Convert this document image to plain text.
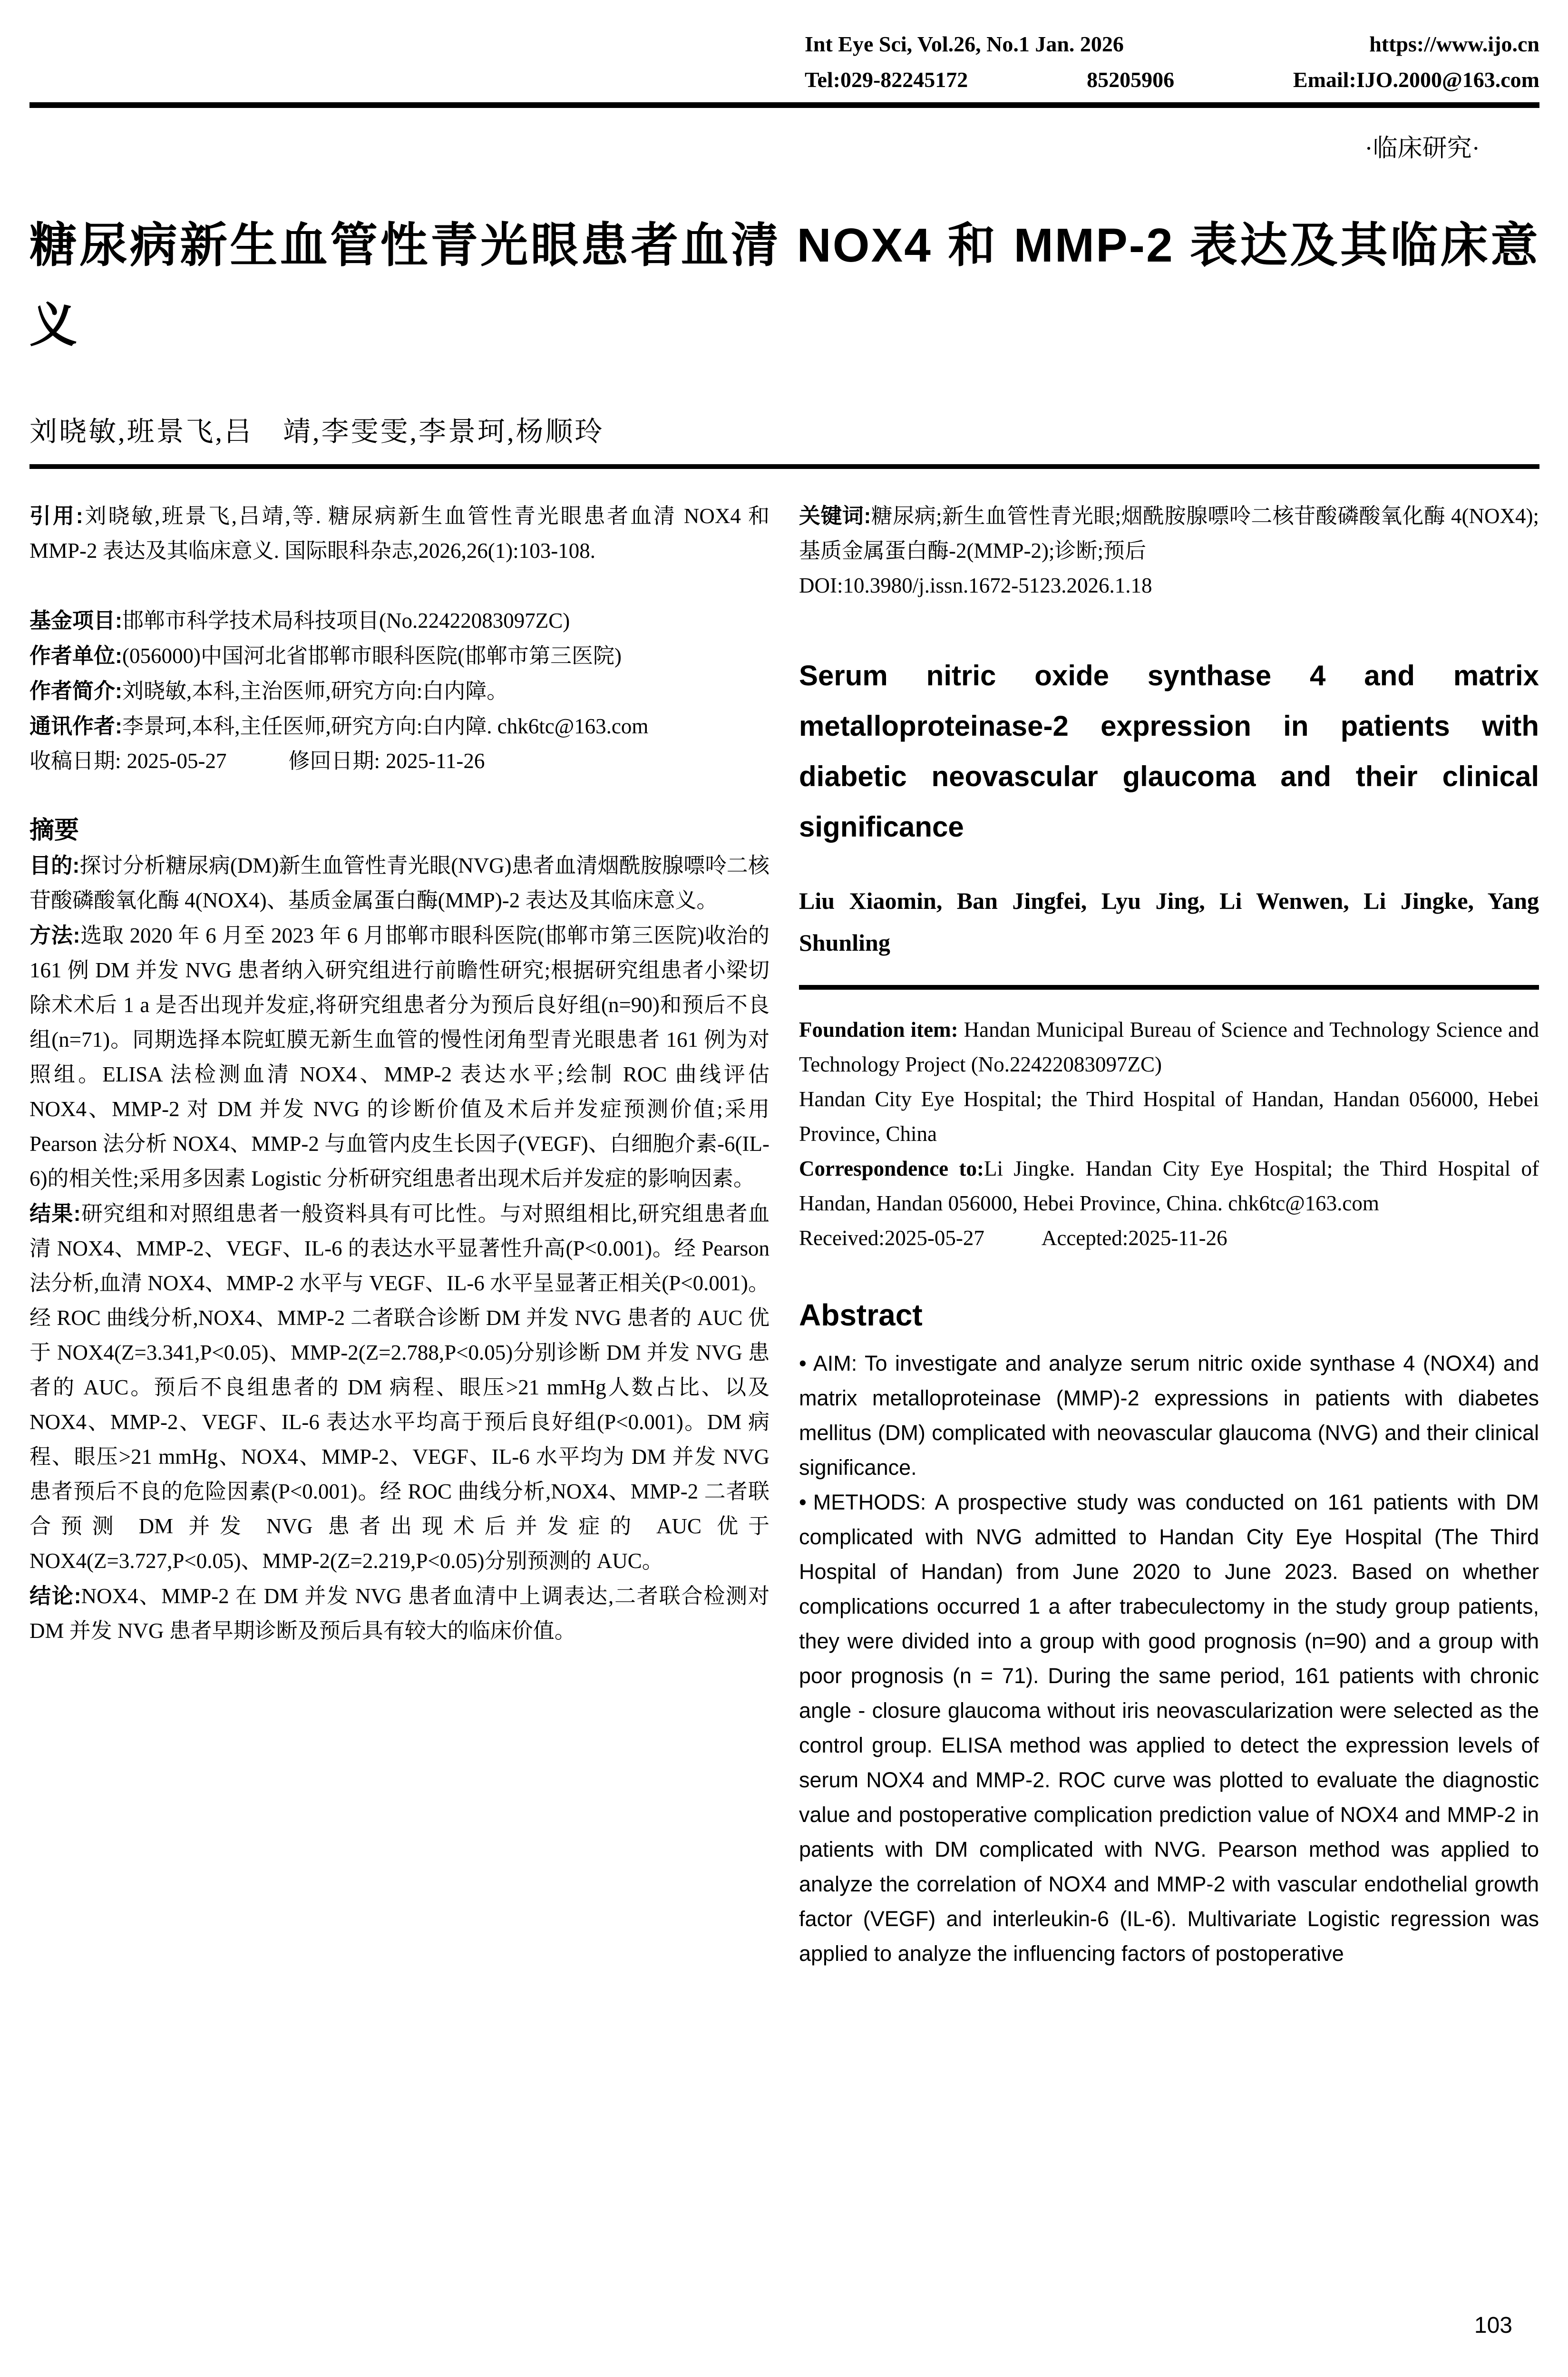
Int Eye Sci, Vol.26, No.1 Jan. 2026	https://www.ijo.cn
Tel:029-82245172	85205906	Email:IJO.2000@163.com
·临床研究·
糖尿病新生血管性青光眼患者血清 NOX4 和 MMP-2 表达及其临床意义
刘晓敏,班景飞,吕　靖,李雯雯,李景珂,杨顺玲

引用:刘晓敏,班景飞,吕靖,等. 糖尿病新生血管性青光眼患者血清 NOX4 和 MMP-2 表达及其临床意义. 国际眼科杂志,2026,26(1):103-108.

基金项目:邯郸市科学技术局科技项目(No.22422083097ZC)

作者单位:(056000)中国河北省邯郸市眼科医院(邯郸市第三医院)

作者简介:刘晓敏,本科,主治医师,研究方向:白内障。

通讯作者:李景珂,本科,主任医师,研究方向:白内障. chk6tc@163.com

收稿日期: 2025-05-27	修回日期: 2025-11-26

摘要

目的:探讨分析糖尿病(DM)新生血管性青光眼(NVG)患者血清烟酰胺腺嘌呤二核苷酸磷酸氧化酶 4(NOX4)、基质金属蛋白酶(MMP)-2 表达及其临床意义。

方法:选取 2020 年 6 月至 2023 年 6 月邯郸市眼科医院(邯郸市第三医院)收治的 161 例 DM 并发 NVG 患者纳入研究组进行前瞻性研究;根据研究组患者小梁切除术术后 1 a 是否出现并发症,将研究组患者分为预后良好组(n=90)和预后不良组(n=71)。同期选择本院虹膜无新生血管的慢性闭角型青光眼患者 161 例为对照组。ELISA 法检测血清 NOX4、MMP-2 表达水平;绘制 ROC 曲线评估 NOX4、MMP-2 对 DM 并发 NVG 的诊断价值及术后并发症预测价值;采用 Pearson 法分析 NOX4、MMP-2 与血管内皮生长因子(VEGF)、白细胞介素-6(IL-6)的相关性;采用多因素 Logistic 分析研究组患者出现术后并发症的影响因素。

结果:研究组和对照组患者一般资料具有可比性。与对照组相比,研究组患者血清 NOX4、MMP-2、VEGF、IL-6 的表达水平显著性升高(P<0.001)。经 Pearson 法分析,血清 NOX4、MMP-2 水平与 VEGF、IL-6 水平呈显著正相关(P<0.001)。经 ROC 曲线分析,NOX4、MMP-2 二者联合诊断 DM 并发 NVG 患者的 AUC 优于 NOX4(Z=3.341,P<0.05)、MMP-2(Z=2.788,P<0.05)分别诊断 DM 并发 NVG 患者的 AUC。预后不良组患者的 DM 病程、眼压>21 mmHg人数占比、以及 NOX4、MMP-2、VEGF、IL-6 表达水平均高于预后良好组(P<0.001)。DM 病程、眼压>21 mmHg、NOX4、MMP-2、VEGF、IL-6 水平均为 DM 并发 NVG 患者预后不良的危险因素(P<0.001)。经 ROC 曲线分析,NOX4、MMP-2 二者联合预测 DM 并发 NVG 患者出现术后并发症的 AUC 优于 NOX4(Z=3.727,P<0.05)、MMP-2(Z=2.219,P<0.05)分别预测的 AUC。

结论:NOX4、MMP-2 在 DM 并发 NVG 患者血清中上调表达,二者联合检测对 DM 并发 NVG 患者早期诊断及预后具有较大的临床价值。

关键词:糖尿病;新生血管性青光眼;烟酰胺腺嘌呤二核苷酸磷酸氧化酶 4(NOX4);基质金属蛋白酶-2(MMP-2);诊断;预后

DOI:10.3980/j.issn.1672-5123.2026.1.18

Serum nitric oxide synthase 4 and matrix metalloproteinase-2 expression in patients with diabetic neovascular glaucoma and their clinical significance
Liu Xiaomin, Ban Jingfei, Lyu Jing, Li Wenwen, Li Jingke, Yang Shunling

Foundation item: Handan Municipal Bureau of Science and Technology Science and Technology Project (No.22422083097ZC)

Handan City Eye Hospital; the Third Hospital of Handan, Handan 056000, Hebei Province, China

Correspondence to:Li Jingke. Handan City Eye Hospital; the Third Hospital of Handan, Handan 056000, Hebei Province, China. chk6tc@163.com

Received:2025-05-27	Accepted:2025-11-26

Abstract

• AIM: To investigate and analyze serum nitric oxide synthase 4 (NOX4) and matrix metalloproteinase (MMP)-2 expressions in patients with diabetes mellitus (DM) complicated with neovascular glaucoma (NVG) and their clinical significance.

• METHODS: A prospective study was conducted on 161 patients with DM complicated with NVG admitted to Handan City Eye Hospital (The Third Hospital of Handan) from June 2020 to June 2023. Based on whether complications occurred 1 a after trabeculectomy in the study group patients, they were divided into a group with good prognosis (n=90) and a group with poor prognosis (n = 71). During the same period, 161 patients with chronic angle - closure glaucoma without iris neovascularization were selected as the control group. ELISA method was applied to detect the expression levels of serum NOX4 and MMP-2. ROC curve was plotted to evaluate the diagnostic value and postoperative complication prediction value of NOX4 and MMP-2 in patients with DM complicated with NVG. Pearson method was applied to analyze the correlation of NOX4 and MMP-2 with vascular endothelial growth factor (VEGF) and interleukin-6 (IL-6). Multivariate Logistic regression was applied to analyze the influencing factors of postoperative

103
